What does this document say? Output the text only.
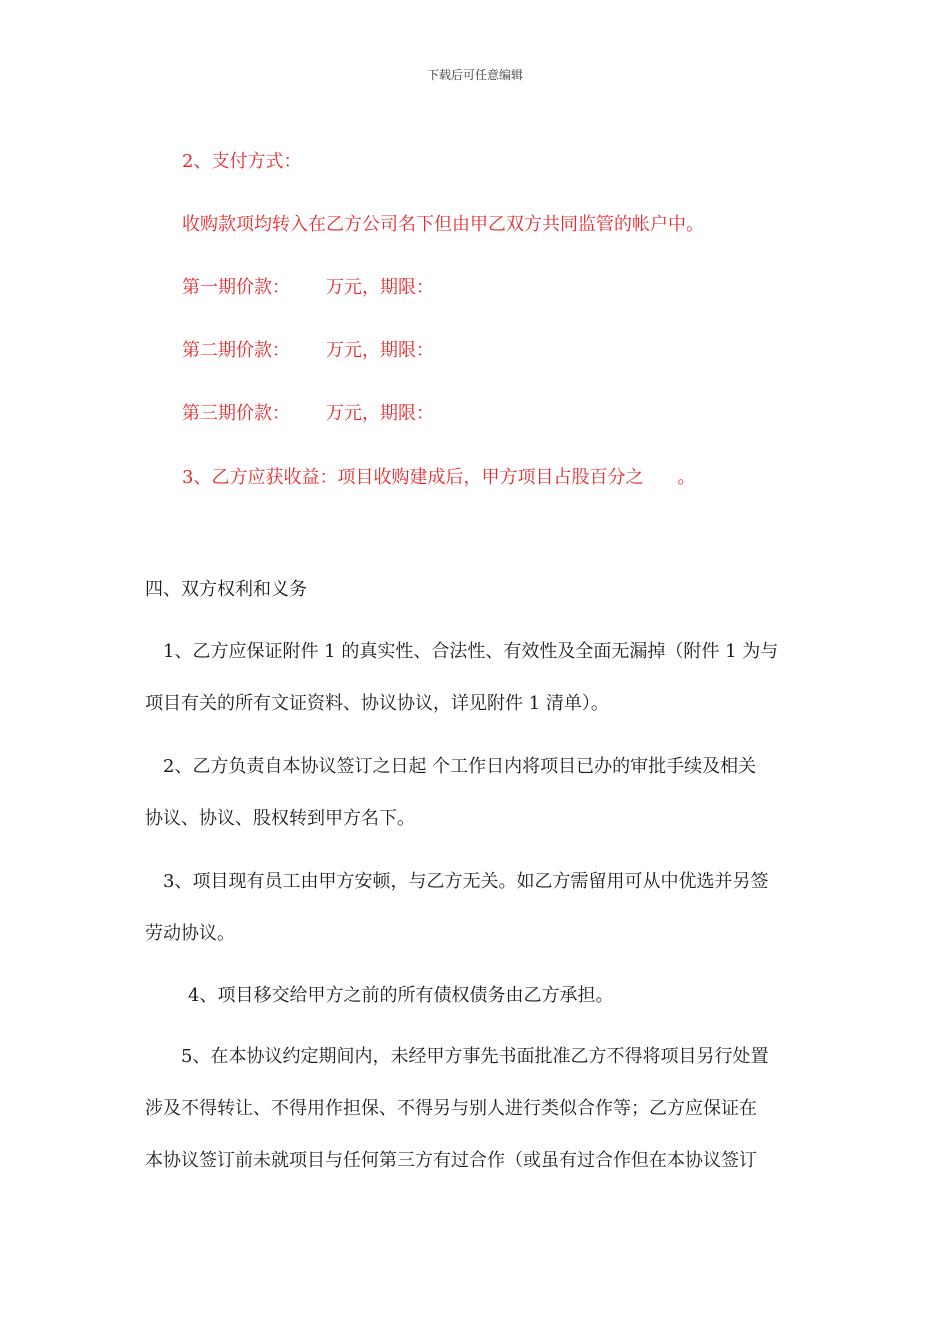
下载后可任意编辑
2、支付方式：
收购款项均转入在乙方公司名下但由甲乙双方共同监管的帐户中。
第一期价款： 万元，期限：
第二期价款： 万元，期限：
第三期价款： 万元，期限：
3、乙方应获收益：项目收购建成后，甲方项目占股百分之 。
四、双方权利和义务
1、乙方应保证附件 1 的真实性、合法性、有效性及全面无漏掉（附件 1 为与
项目有关的所有文证资料、协议协议，详见附件 1 清单）。
2、乙方负责自本协议签订之日起 个工作日内将项目已办的审批手续及相关
协议、协议、股权转到甲方名下。
3、项目现有员工由甲方安顿，与乙方无关。如乙方需留用可从中优选并另签
劳动协议。
4、项目移交给甲方之前的所有债权债务由乙方承担。
5、在本协议约定期间内，未经甲方事先书面批准乙方不得将项目另行处置
涉及不得转让、不得用作担保、不得另与别人进行类似合作等；乙方应保证在
本协议签订前未就项目与任何第三方有过合作（或虽有过合作但在本协议签订
